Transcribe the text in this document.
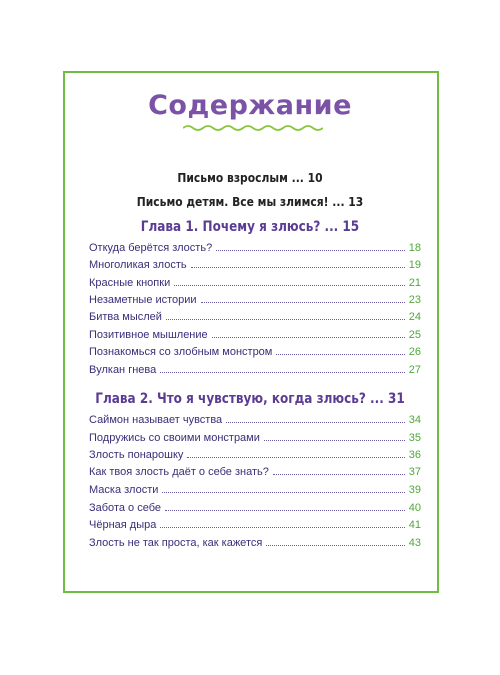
Содержание
Письмо взрослым ... 10
Письмо детям. Все мы злимся! ... 13
Глава 1. Почему я злюсь? ... 15
Откуда берётся злость?	18
Многоликая злость	19
Красные кнопки	21
Незаметные истории	23
Битва мыслей	24
Позитивное мышление	25
Познакомься со злобным монстром	26
Вулкан гнева	27
Глава 2. Что я чувствую, когда злюсь? ... 31
Саймон называет чувства	34
Подружись со своими монстрами	35
Злость понарошку	36
Как твоя злость даёт о себе знать?	37
Маска злости	39
Забота о себе	40
Чёрная дыра	41
Злость не так проста, как кажется	43
